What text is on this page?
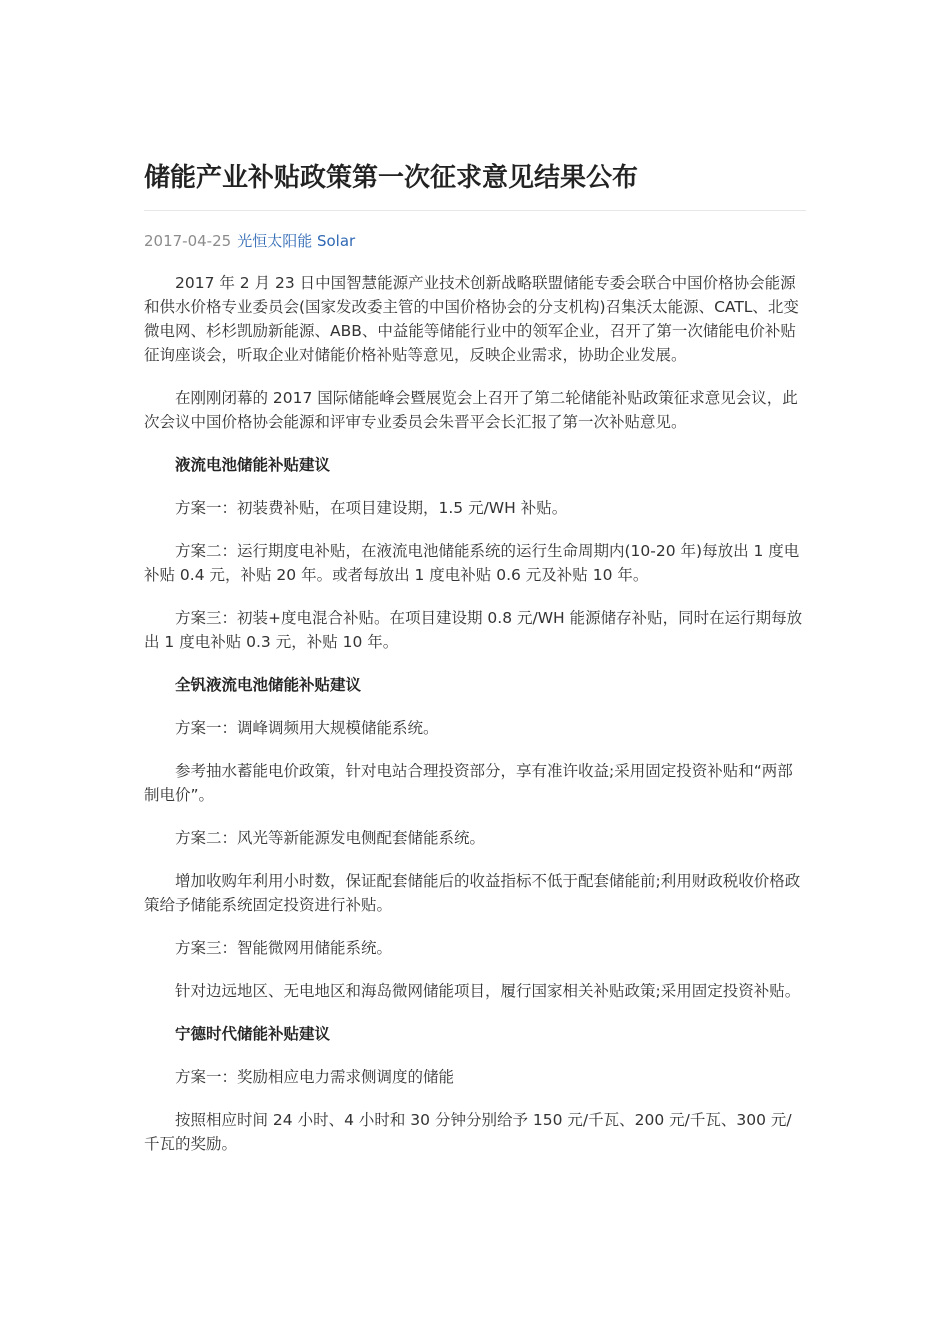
储能产业补贴政策第一次征求意见结果公布
2017-04-25 光恒太阳能 Solar

2017 年 2 月 23 日中国智慧能源产业技术创新战略联盟储能专委会联合中国价格协会能源和供水价格专业委员会(国家发改委主管的中国价格协会的分支机构)召集沃太能源、CATL、北变微电网、杉杉凯励新能源、ABB、中益能等储能行业中的领军企业，召开了第一次储能电价补贴征询座谈会，听取企业对储能价格补贴等意见，反映企业需求，协助企业发展。

在刚刚闭幕的 2017 国际储能峰会暨展览会上召开了第二轮储能补贴政策征求意见会议，此次会议中国价格协会能源和评审专业委员会朱晋平会长汇报了第一次补贴意见。

液流电池储能补贴建议

方案一：初装费补贴，在项目建设期，1.5 元/WH 补贴。

方案二：运行期度电补贴，在液流电池储能系统的运行生命周期内(10-20 年)每放出 1 度电补贴 0.4 元，补贴 20 年。或者每放出 1 度电补贴 0.6 元及补贴 10 年。

方案三：初装+度电混合补贴。在项目建设期 0.8 元/WH 能源储存补贴，同时在运行期每放出 1 度电补贴 0.3 元，补贴 10 年。

全钒液流电池储能补贴建议

方案一：调峰调频用大规模储能系统。

参考抽水蓄能电价政策，针对电站合理投资部分，享有准许收益;采用固定投资补贴和“两部制电价”。

方案二：风光等新能源发电侧配套储能系统。

增加收购年利用小时数，保证配套储能后的收益指标不低于配套储能前;利用财政税收价格政策给予储能系统固定投资进行补贴。

方案三：智能微网用储能系统。

针对边远地区、无电地区和海岛微网储能项目，履行国家相关补贴政策;采用固定投资补贴。

宁德时代储能补贴建议

方案一：奖励相应电力需求侧调度的储能

按照相应时间 24 小时、4 小时和 30 分钟分别给予 150 元/千瓦、200 元/千瓦、300 元/千瓦的奖励。
